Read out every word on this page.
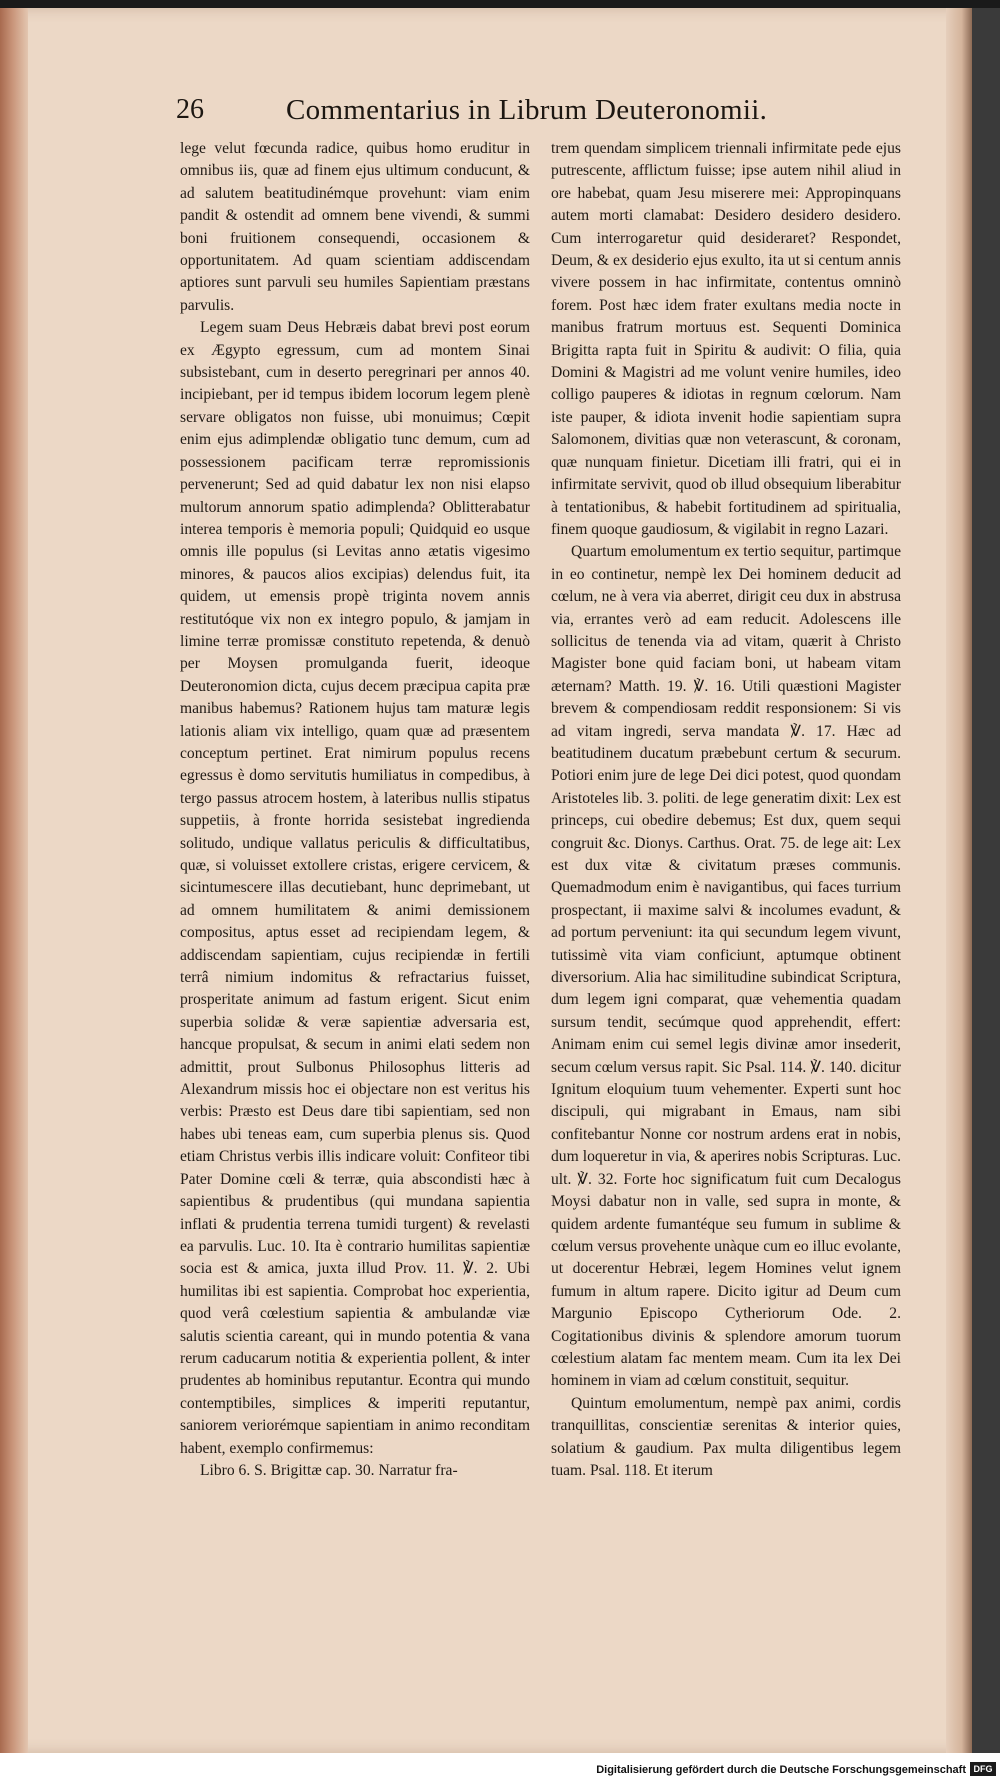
26	Commentarius in Librum Deuteronomii.

lege velut fœcunda radice, quibus homo eruditur in omnibus iis, quæ ad finem ejus ultimum conducunt, & ad salutem beatitudinémque provehunt: viam enim pandit & ostendit ad omnem bene vivendi, & summi boni fruitionem consequendi, occasionem & opportunitatem. Ad quam scientiam addiscendam aptiores sunt parvuli seu humiles Sapientiam præstans parvulis.

Legem suam Deus Hebræis dabat brevi post eorum ex Ægypto egressum, cum ad montem Sinai subsistebant, cum in deserto peregrinari per annos 40. incipiebant, per id tempus ibidem locorum legem plenè servare obligatos non fuisse, ubi monuimus; Cœpit enim ejus adimplendæ obligatio tunc demum, cum ad possessionem pacificam terræ repromissionis pervenerunt; Sed ad quid dabatur lex non nisi elapso multorum annorum spatio adimplenda? Oblitterabatur interea temporis è memoria populi; Quidquid eo usque omnis ille populus (si Levitas anno ætatis vigesimo minores, & paucos alios excipias) delendus fuit, ita quidem, ut emensis propè triginta novem annis restitutóque vix non ex integro populo, & jamjam in limine terræ promissæ constituto repetenda, & denuò per Moysen promulganda fuerit, ideoque Deuteronomion dicta, cujus decem præcipua capita præ manibus habemus? Rationem hujus tam maturæ legis lationis aliam vix intelligo, quam quæ ad præsentem conceptum pertinet. Erat nimirum populus recens egressus è domo servitutis humiliatus in compedibus, à tergo passus atrocem hostem, à lateribus nullis stipatus suppetiis, à fronte horrida sesistebat ingredienda solitudo, undique vallatus periculis & difficultatibus, quæ, si voluisset extollere cristas, erigere cervicem, & sicintumescere illas decutiebant, hunc deprimebant, ut ad omnem humilitatem & animi demissionem compositus, aptus esset ad recipiendam legem, & addiscendam sapientiam, cujus recipiendæ in fertili terrâ nimium indomitus & refractarius fuisset, prosperitate animum ad fastum erigent. Sicut enim superbia solidæ & veræ sapientiæ adversaria est, hancque propulsat, & secum in animi elati sedem non admittit, prout Sulbonus Philosophus litteris ad Alexandrum missis hoc ei objectare non est veritus his verbis: Præsto est Deus dare tibi sapientiam, sed non habes ubi teneas eam, cum superbia plenus sis. Quod etiam Christus verbis illis indicare voluit: Confiteor tibi Pater Domine cœli & terræ, quia abscondisti hæc à sapientibus & prudentibus (qui mundana sapientia inflati & prudentia terrena tumidi turgent) & revelasti ea parvulis. Luc. 10. Ita è contrario humilitas sapientiæ socia est & amica, juxta illud Prov. 11. ℣. 2. Ubi humilitas ibi est sapientia. Comprobat hoc experientia, quod verâ cœlestium sapientia & ambulandæ viæ salutis scientia careant, qui in mundo potentia & vana rerum caducarum notitia & experientia pollent, & inter prudentes ab hominibus reputantur. Econtra qui mundo contemptibiles, simplices & imperiti reputantur, saniorem veriorémque sapientiam in animo reconditam habent, exemplo confirmemus:

Libro 6. S. Brigittæ cap. 30. Narratur fra-

trem quendam simplicem triennali infirmitate pede ejus putrescente, afflictum fuisse; ipse autem nihil aliud in ore habebat, quam Jesu miserere mei: Appropinquans autem morti clamabat: Desidero desidero desidero. Cum interrogaretur quid desideraret? Respondet, Deum, & ex desiderio ejus exulto, ita ut si centum annis vivere possem in hac infirmitate, contentus omninò forem. Post hæc idem frater exultans media nocte in manibus fratrum mortuus est. Sequenti Dominica Brigitta rapta fuit in Spiritu & audivit: O filia, quia Domini & Magistri ad me volunt venire humiles, ideo colligo pauperes & idiotas in regnum cœlorum. Nam iste pauper, & idiota invenit hodie sapientiam supra Salomonem, divitias quæ non veterascunt, & coronam, quæ nunquam finietur. Dicetiam illi fratri, qui ei in infirmitate servivit, quod ob illud obsequium liberabitur à tentationibus, & habebit fortitudinem ad spiritualia, finem quoque gaudiosum, & vigilabit in regno Lazari.

Quartum emolumentum ex tertio sequitur, partimque in eo continetur, nempè lex Dei hominem deducit ad cœlum, ne à vera via aberret, dirigit ceu dux in abstrusa via, errantes verò ad eam reducit. Adolescens ille sollicitus de tenenda via ad vitam, quærit à Christo Magister bone quid faciam boni, ut habeam vitam æternam? Matth. 19. ℣. 16. Utili quæstioni Magister brevem & compendiosam reddit responsionem: Si vis ad vitam ingredi, serva mandata ℣. 17. Hæc ad beatitudinem ducatum præbebunt certum & securum. Potiori enim jure de lege Dei dici potest, quod quondam Aristoteles lib. 3. politi. de lege generatim dixit: Lex est princeps, cui obedire debemus; Est dux, quem sequi congruit &c. Dionys. Carthus. Orat. 75. de lege ait: Lex est dux vitæ & civitatum præses communis. Quemadmodum enim è navigantibus, qui faces turrium prospectant, ii maxime salvi & incolumes evadunt, & ad portum perveniunt: ita qui secundum legem vivunt, tutissimè vita viam conficiunt, aptumque obtinent diversorium. Alia hac similitudine subindicat Scriptura, dum legem igni comparat, quæ vehementia quadam sursum tendit, secúmque quod apprehendit, effert: Animam enim cui semel legis divinæ amor insederit, secum cœlum versus rapit. Sic Psal. 114. ℣. 140. dicitur Ignitum eloquium tuum vehementer. Experti sunt hoc discipuli, qui migrabant in Emaus, nam sibi confitebantur Nonne cor nostrum ardens erat in nobis, dum loqueretur in via, & aperires nobis Scripturas. Luc. ult. ℣. 32. Forte hoc significatum fuit cum Decalogus Moysi dabatur non in valle, sed supra in monte, & quidem ardente fumantéque seu fumum in sublime & cœlum versus provehente unàque cum eo illuc evolante, ut docerentur Hebræi, legem Homines velut ignem fumum in altum rapere. Dicito igitur ad Deum cum Margunio Episcopo Cytheriorum Ode. 2. Cogitationibus divinis & splendore amorum tuorum cœlestium alatam fac mentem meam. Cum ita lex Dei hominem in viam ad cœlum constituit, sequitur.

Quintum emolumentum, nempè pax animi, cordis tranquillitas, conscientiæ serenitas & interior quies, solatium & gaudium. Pax multa diligentibus legem tuam. Psal. 118. Et iterum

Digitalisierung gefördert durch die Deutsche Forschungsgemeinschaft DFG
